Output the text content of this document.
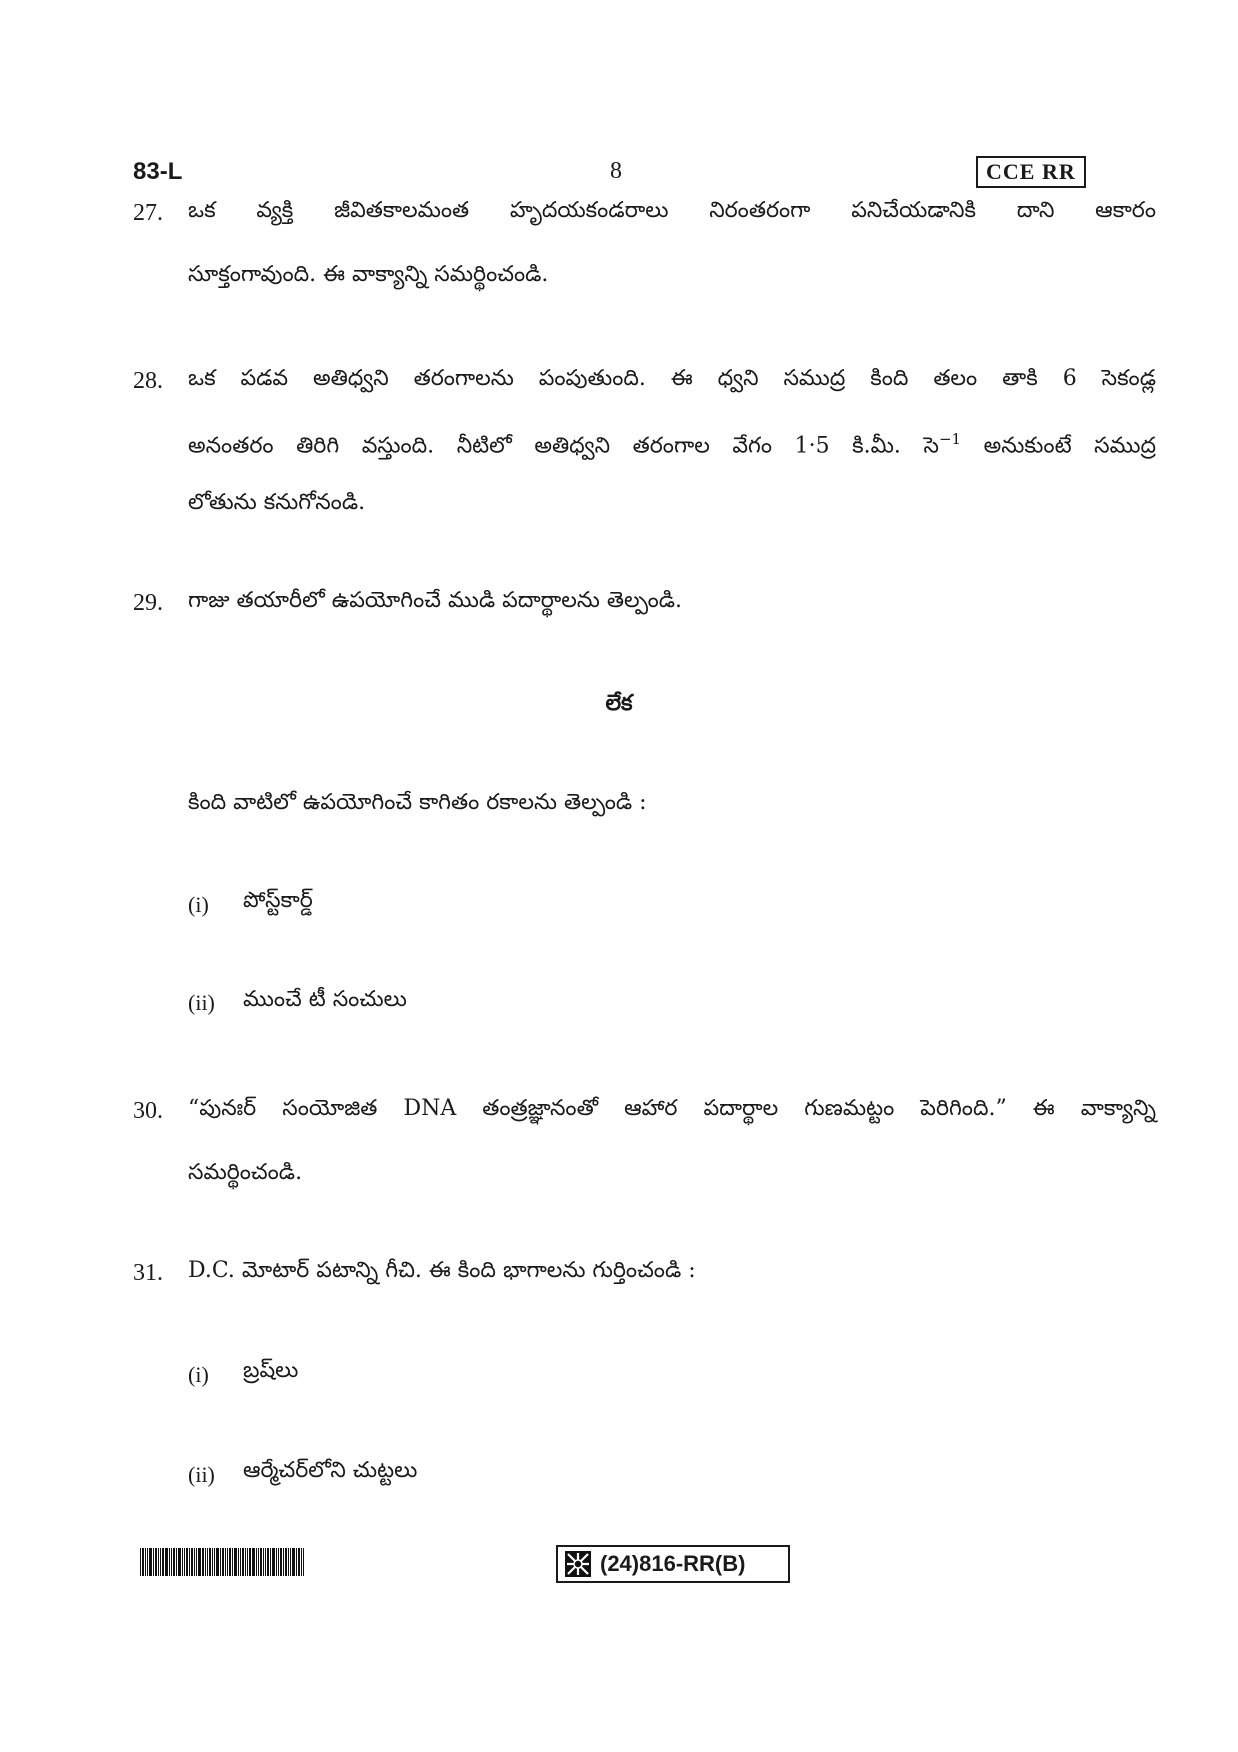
83-L	8	CCE RR
27. ఒక వ్యక్తి జీవితకాలమంత హృదయకండరాలు నిరంతరంగా పనిచేయడానికి దాని ఆకారం
సూక్తంగావుంది. ఈ వాక్యాన్ని సమర్థించండి.
28. ఒక పడవ అతిధ్వని తరంగాలను పంపుతుంది. ఈ ధ్వని సముద్ర కింది తలం తాకి 6 సెకండ్ల
అనంతరం తిరిగి వస్తుంది. నీటిలో అతిధ్వని తరంగాల వేగం 1·5 కి.మీ. సె$^{-1}$ అనుకుంటే సముద్ర
లోతును కనుగోనండి.
29. గాజు తయారీలో ఉపయోగించే ముడి పదార్థాలను తెల్పండి.
లేక
కింది వాటిలో ఉపయోగించే కాగితం రకాలను తెల్పండి :
(i) పోస్ట్‌కార్డ్
(ii) ముంచే టీ సంచులు
30. “పునఃర్ సంయోజిత DNA తంత్రజ్ఞానంతో ఆహార పదార్థాల గుణమట్టం పెరిగింది.” ఈ వాక్యాన్ని
సమర్థించండి.
31. D.C. మోటార్ పటాన్ని గీచి. ఈ కింది భాగాలను గుర్తించండి :
(i) బ్రష్‌లు
(ii) ఆర్మేచర్‌లోని చుట్టలు
(24)816-RR(B)
